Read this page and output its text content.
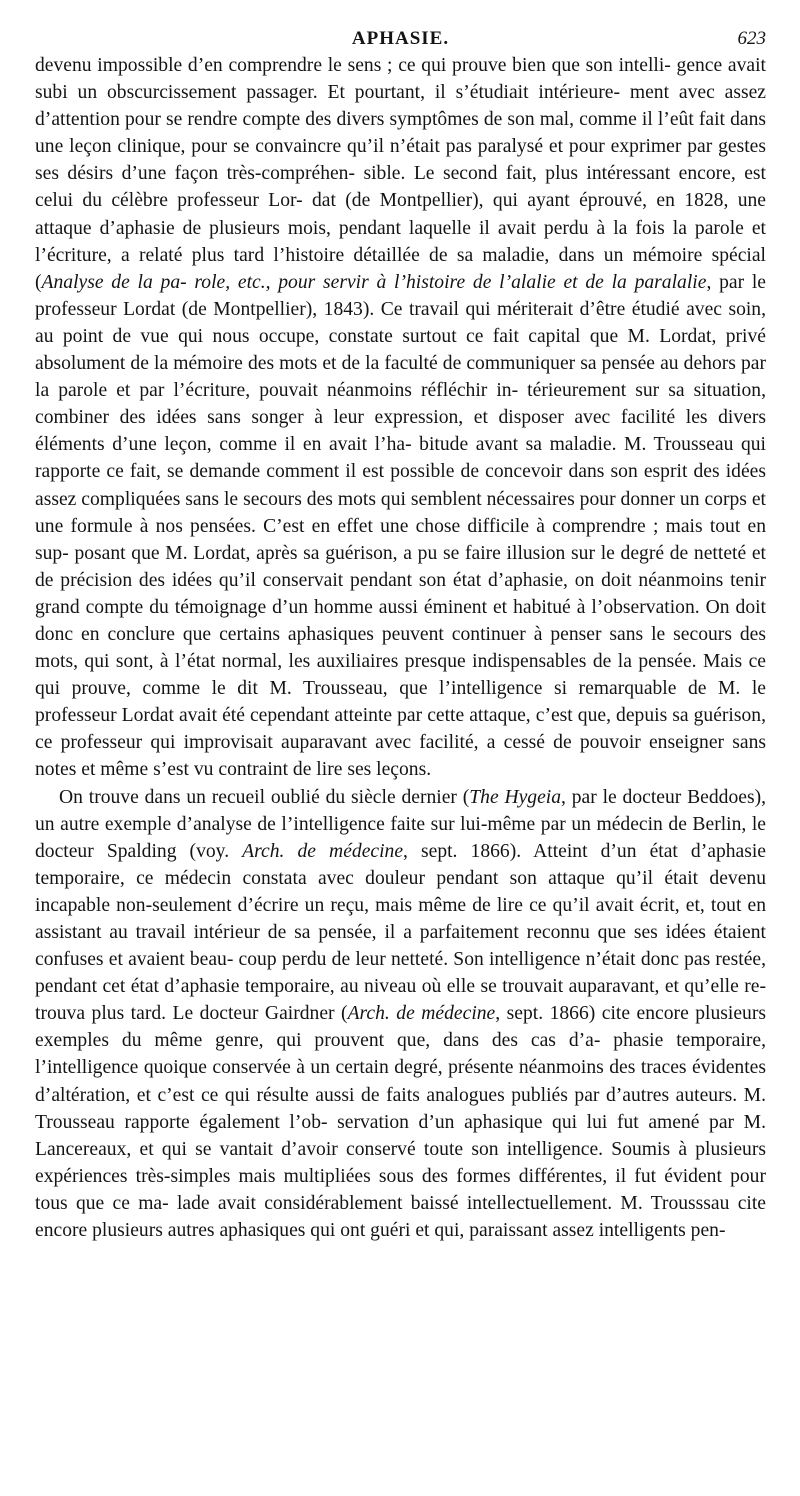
APHASIE.	623

devenu impossible d’en comprendre le sens ; ce qui prouve bien que son intelli- gence avait subi un obscurcissement passager. Et pourtant, il s’étudiait intérieure- ment avec assez d’attention pour se rendre compte des divers symptômes de son mal, comme il l’eût fait dans une leçon clinique, pour se convaincre qu’il n’était pas paralysé et pour exprimer par gestes ses désirs d’une façon très-compréhen- sible. Le second fait, plus intéressant encore, est celui du célèbre professeur Lor- dat (de Montpellier), qui ayant éprouvé, en 1828, une attaque d’aphasie de plusieurs mois, pendant laquelle il avait perdu à la fois la parole et l’écriture, a relaté plus tard l’histoire détaillée de sa maladie, dans un mémoire spécial (Analyse de la pa- role, etc., pour servir à l’histoire de l’alalie et de la paralalie, par le professeur Lordat (de Montpellier), 1843). Ce travail qui mériterait d’être étudié avec soin, au point de vue qui nous occupe, constate surtout ce fait capital que M. Lordat, privé absolument de la mémoire des mots et de la faculté de communiquer sa pensée au dehors par la parole et par l’écriture, pouvait néanmoins réfléchir in- térieurement sur sa situation, combiner des idées sans songer à leur expression, et disposer avec facilité les divers éléments d’une leçon, comme il en avait l’ha- bitude avant sa maladie. M. Trousseau qui rapporte ce fait, se demande comment il est possible de concevoir dans son esprit des idées assez compliquées sans le secours des mots qui semblent nécessaires pour donner un corps et une formule à nos pensées. C’est en effet une chose difficile à comprendre ; mais tout en sup- posant que M. Lordat, après sa guérison, a pu se faire illusion sur le degré de netteté et de précision des idées qu’il conservait pendant son état d’aphasie, on doit néanmoins tenir grand compte du témoignage d’un homme aussi éminent et habitué à l’observation. On doit donc en conclure que certains aphasiques peuvent continuer à penser sans le secours des mots, qui sont, à l’état normal, les auxiliaires presque indispensables de la pensée. Mais ce qui prouve, comme le dit M. Trousseau, que l’intelligence si remarquable de M. le professeur Lordat avait été cependant atteinte par cette attaque, c’est que, depuis sa guérison, ce professeur qui improvisait auparavant avec facilité, a cessé de pouvoir enseigner sans notes et même s’est vu contraint de lire ses leçons.

On trouve dans un recueil oublié du siècle dernier (The Hygeia, par le docteur Beddoes), un autre exemple d’analyse de l’intelligence faite sur lui-même par un médecin de Berlin, le docteur Spalding (voy. Arch. de médecine, sept. 1866). Atteint d’un état d’aphasie temporaire, ce médecin constata avec douleur pendant son attaque qu’il était devenu incapable non-seulement d’écrire un reçu, mais même de lire ce qu’il avait écrit, et, tout en assistant au travail intérieur de sa pensée, il a parfaitement reconnu que ses idées étaient confuses et avaient beau- coup perdu de leur netteté. Son intelligence n’était donc pas restée, pendant cet état d’aphasie temporaire, au niveau où elle se trouvait auparavant, et qu’elle re- trouva plus tard. Le docteur Gairdner (Arch. de médecine, sept. 1866) cite encore plusieurs exemples du même genre, qui prouvent que, dans des cas d’a- phasie temporaire, l’intelligence quoique conservée à un certain degré, présente néanmoins des traces évidentes d’altération, et c’est ce qui résulte aussi de faits analogues publiés par d’autres auteurs. M. Trousseau rapporte également l’ob- servation d’un aphasique qui lui fut amené par M. Lancereaux, et qui se vantait d’avoir conservé toute son intelligence. Soumis à plusieurs expériences très-simples mais multipliées sous des formes différentes, il fut évident pour tous que ce ma- lade avait considérablement baissé intellectuellement. M. Trousssau cite encore plusieurs autres aphasiques qui ont guéri et qui, paraissant assez intelligents pen-
